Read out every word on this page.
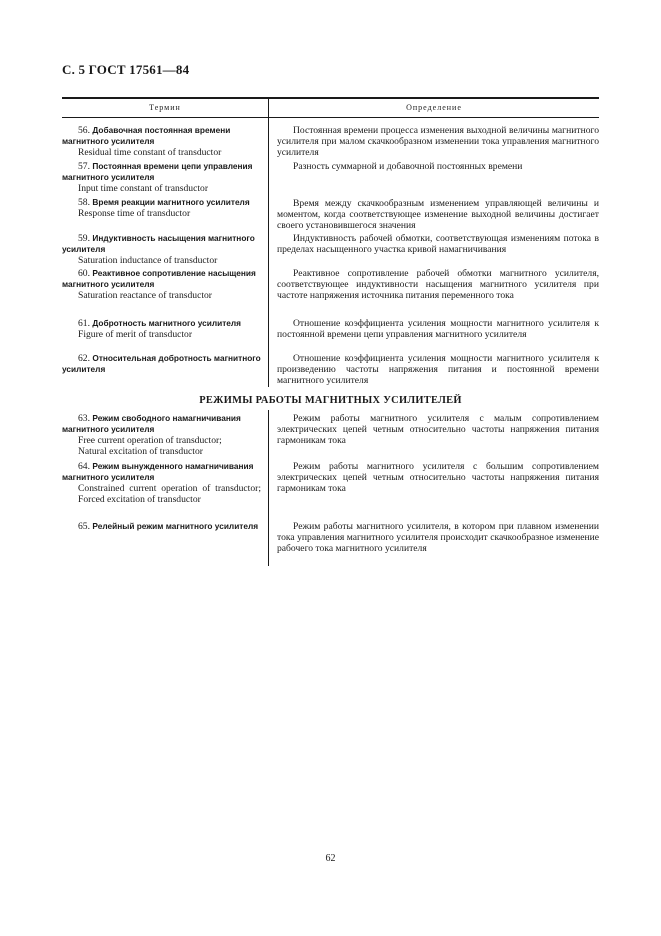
С. 5 ГОСТ 17561—84
Термин	Определение
56. Добавочная постоянная времени магнитного усилителя
Residual time constant of transductor

Постоянная времени процесса изменения выходной величины магнитного усилителя при малом скачкообразном изменении тока управления магнитного усилителя

57. Постоянная времени цепи управления магнитного усилителя
Input time constant of transductor

Разность суммарной и добавочной постоянных времени

58. Время реакции магнитного усилителя
Response time of transductor

Время между скачкообразным изменением управляющей величины и моментом, когда соответствующее изменение выходной величины достигает своего установившегося значения

59. Индуктивность насыщения магнитного усилителя
Saturation inductance of transductor

Индуктивность рабочей обмотки, соответствующая изменениям потока в пределах насыщенного участка кривой намагничивания

60. Реактивное сопротивление насыщения магнитного усилителя
Saturation reactance of transductor

Реактивное сопротивление рабочей обмотки магнитного усилителя, соответствующее индуктивности насыщения магнитного усилителя при частоте напряжения источника питания переменного тока

61. Добротность магнитного усилителя
Figure of merit of transductor

Отношение коэффициента усиления мощности магнитного усилителя к постоянной времени цепи управления магнитного усилителя

62. Относительная добротность магнитного усилителя

Отношение коэффициента усиления мощности магнитного усилителя к произведению частоты напряжения питания и постоянной времени магнитного усилителя

РЕЖИМЫ РАБОТЫ МАГНИТНЫХ УСИЛИТЕЛЕЙ
63. Режим свободного намагничивания магнитного усилителя
Free current operation of transductor;
Natural excitation of transductor

Режим работы магнитного усилителя с малым сопротивлением электрических цепей четным относительно частоты напряжения питания гармоникам тока

64. Режим вынужденного намагничивания магнитного усилителя
Constrained current operation of transductor;
Forced excitation of transductor

Режим работы магнитного усилителя с большим сопротивлением электрических цепей четным относительно частоты напряжения питания гармоникам тока

65. Релейный режим магнитного усилителя	Режим работы магнитного усилителя, в котором при плавном изменении тока управления магнитного усилителя происходит скачкообразное изменение рабочего тока магнитного усилителя

62
